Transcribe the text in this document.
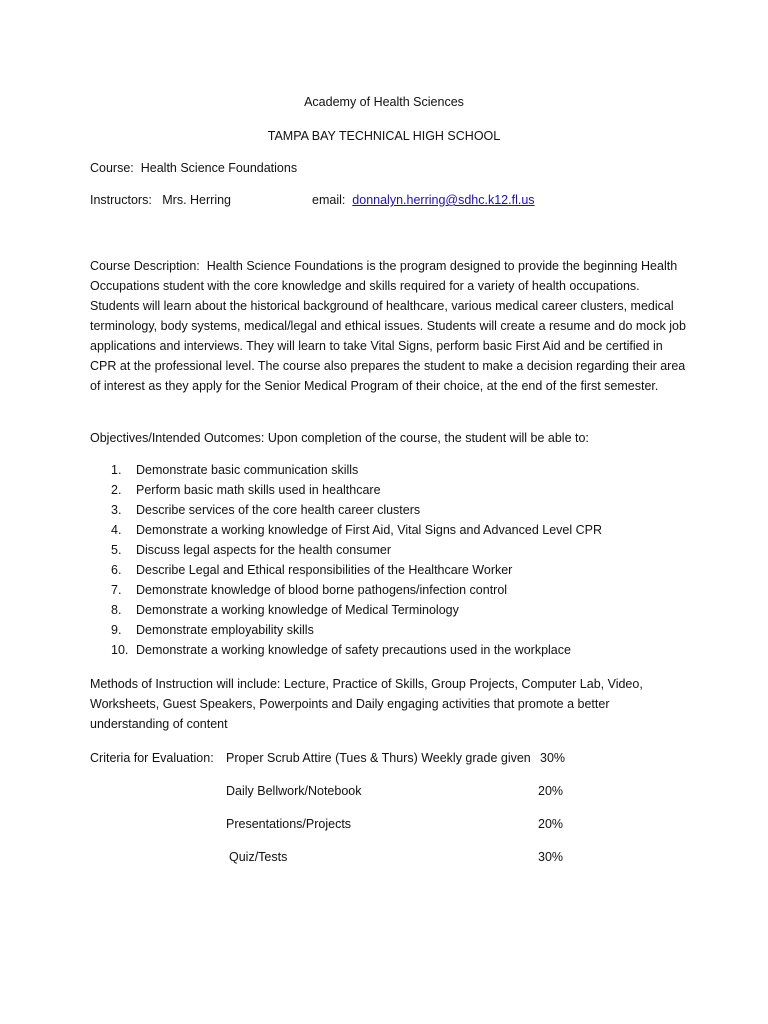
Academy of Health Sciences
TAMPA BAY TECHNICAL HIGH SCHOOL
Course: Health Science Foundations
Instructors: Mrs. Herring	email: donnalyn.herring@sdhc.k12.fl.us
Course Description: Health Science Foundations is the program designed to provide the beginning Health Occupations student with the core knowledge and skills required for a variety of health occupations. Students will learn about the historical background of healthcare, various medical career clusters, medical terminology, body systems, medical/legal and ethical issues. Students will create a resume and do mock job applications and interviews. They will learn to take Vital Signs, perform basic First Aid and be certified in CPR at the professional level. The course also prepares the student to make a decision regarding their area of interest as they apply for the Senior Medical Program of their choice, at the end of the first semester.
Objectives/Intended Outcomes: Upon completion of the course, the student will be able to:
1.	Demonstrate basic communication skills
2.	Perform basic math skills used in healthcare
3.	Describe services of the core health career clusters
4.	Demonstrate a working knowledge of First Aid, Vital Signs and Advanced Level CPR
5.	Discuss legal aspects for the health consumer
6.	Describe Legal and Ethical responsibilities of the Healthcare Worker
7.	Demonstrate knowledge of blood borne pathogens/infection control
8.	Demonstrate a working knowledge of Medical Terminology
9.	Demonstrate employability skills
10. Demonstrate a working knowledge of safety precautions used in the workplace
Methods of Instruction will include: Lecture, Practice of Skills, Group Projects, Computer Lab, Video, Worksheets, Guest Speakers, Powerpoints and Daily engaging activities that promote a better understanding of content
Criteria for Evaluation: Proper Scrub Attire (Tues & Thurs) Weekly grade given 30%
Daily Bellwork/Notebook	20%
Presentations/Projects	20%
Quiz/Tests	30%
